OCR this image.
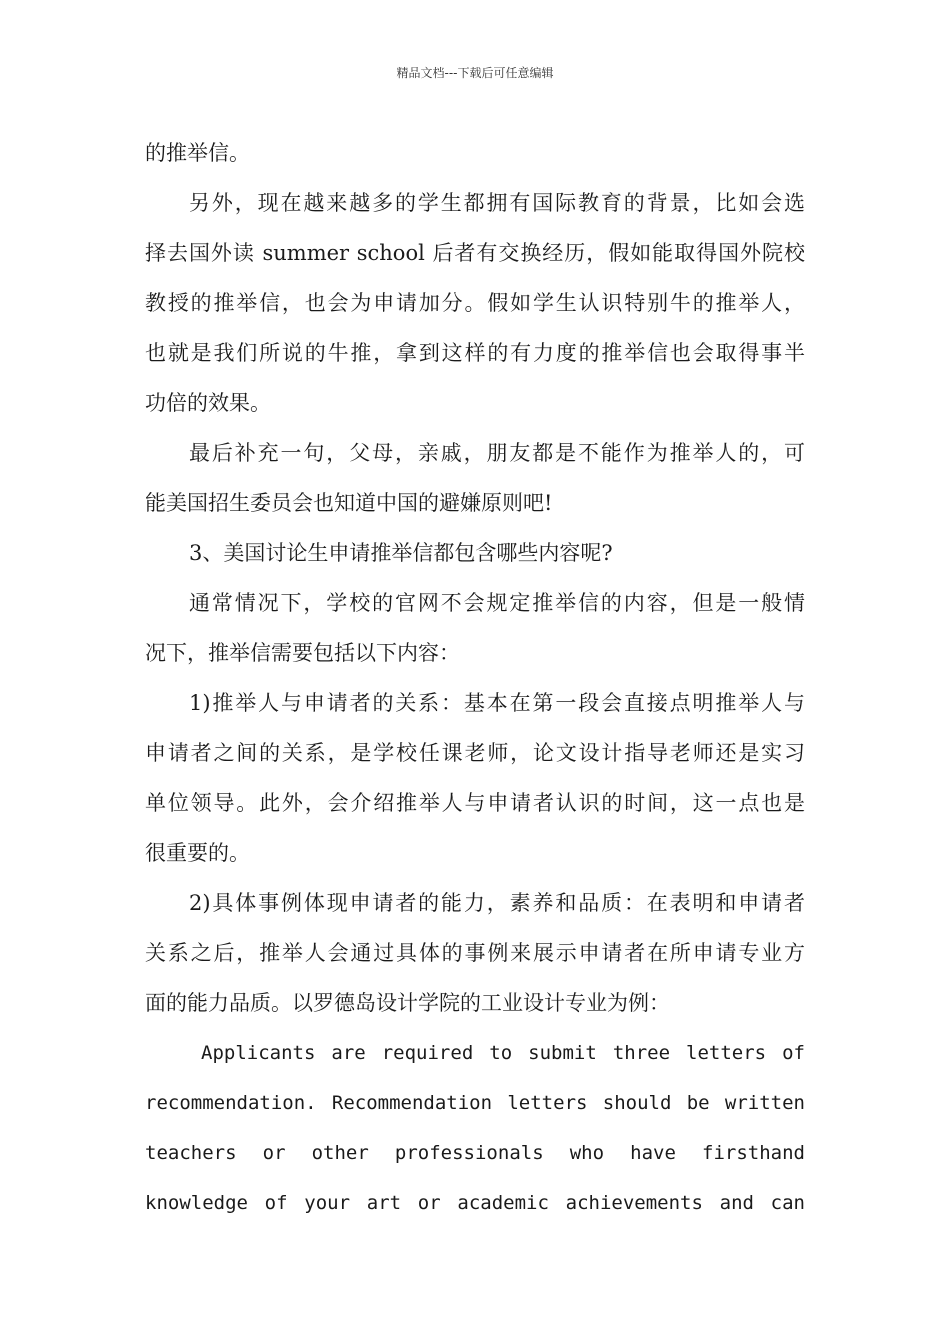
精品文档---下载后可任意编辑
的推举信。
另外，现在越来越多的学生都拥有国际教育的背景，比如会选
择去国外读 summer school 后者有交换经历，假如能取得国外院校
教授的推举信，也会为申请加分。假如学生认识特别牛的推举人，
也就是我们所说的牛推，拿到这样的有力度的推举信也会取得事半
功倍的效果。
最后补充一句，父母，亲戚，朋友都是不能作为推举人的，可
能美国招生委员会也知道中国的避嫌原则吧!
3、美国讨论生申请推举信都包含哪些内容呢?
通常情况下，学校的官网不会规定推举信的内容，但是一般情
况下，推举信需要包括以下内容：
1)推举人与申请者的关系：基本在第一段会直接点明推举人与
申请者之间的关系，是学校任课老师，论文设计指导老师还是实习
单位领导。此外，会介绍推举人与申请者认识的时间，这一点也是
很重要的。
2)具体事例体现申请者的能力，素养和品质：在表明和申请者
关系之后，推举人会通过具体的事例来展示申请者在所申请专业方
面的能力品质。以罗德岛设计学院的工业设计专业为例：
Applicants are required to submit three letters of
recommendation. Recommendation letters should be written
teachers or other professionals who have firsthand
knowledge of your art or academic achievements and can
